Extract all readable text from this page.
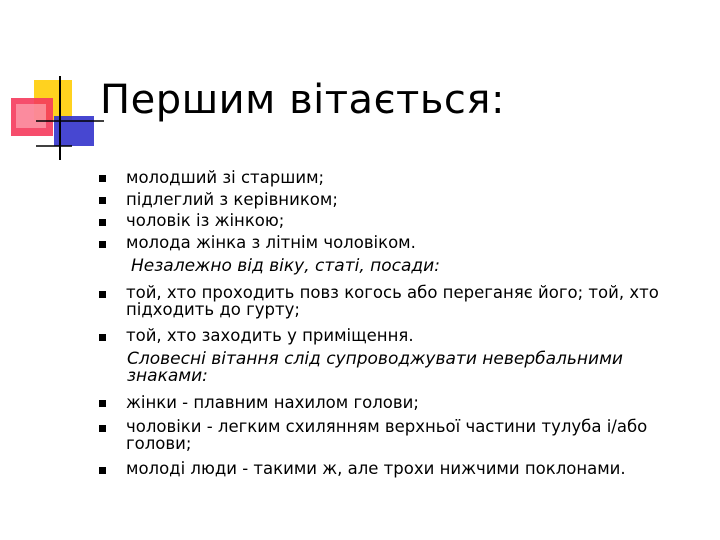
Першим вітається:
молодший зі старшим;
підлеглий з керівником;
чоловік із жінкою;
молода жінка з літнім чоловіком.
Незалежно від віку, статі, посади:
той, хто проходить повз когось або переганяє його; той, хто підходить до гурту;
той, хто заходить у приміщення.
Словесні вітання слід супроводжувати невербальними знаками:
жінки - плавним нахилом голови;
чоловіки - легким схилянням верхньої частини тулуба і/або голови;
молоді люди - такими ж, але трохи нижчими поклонами.
